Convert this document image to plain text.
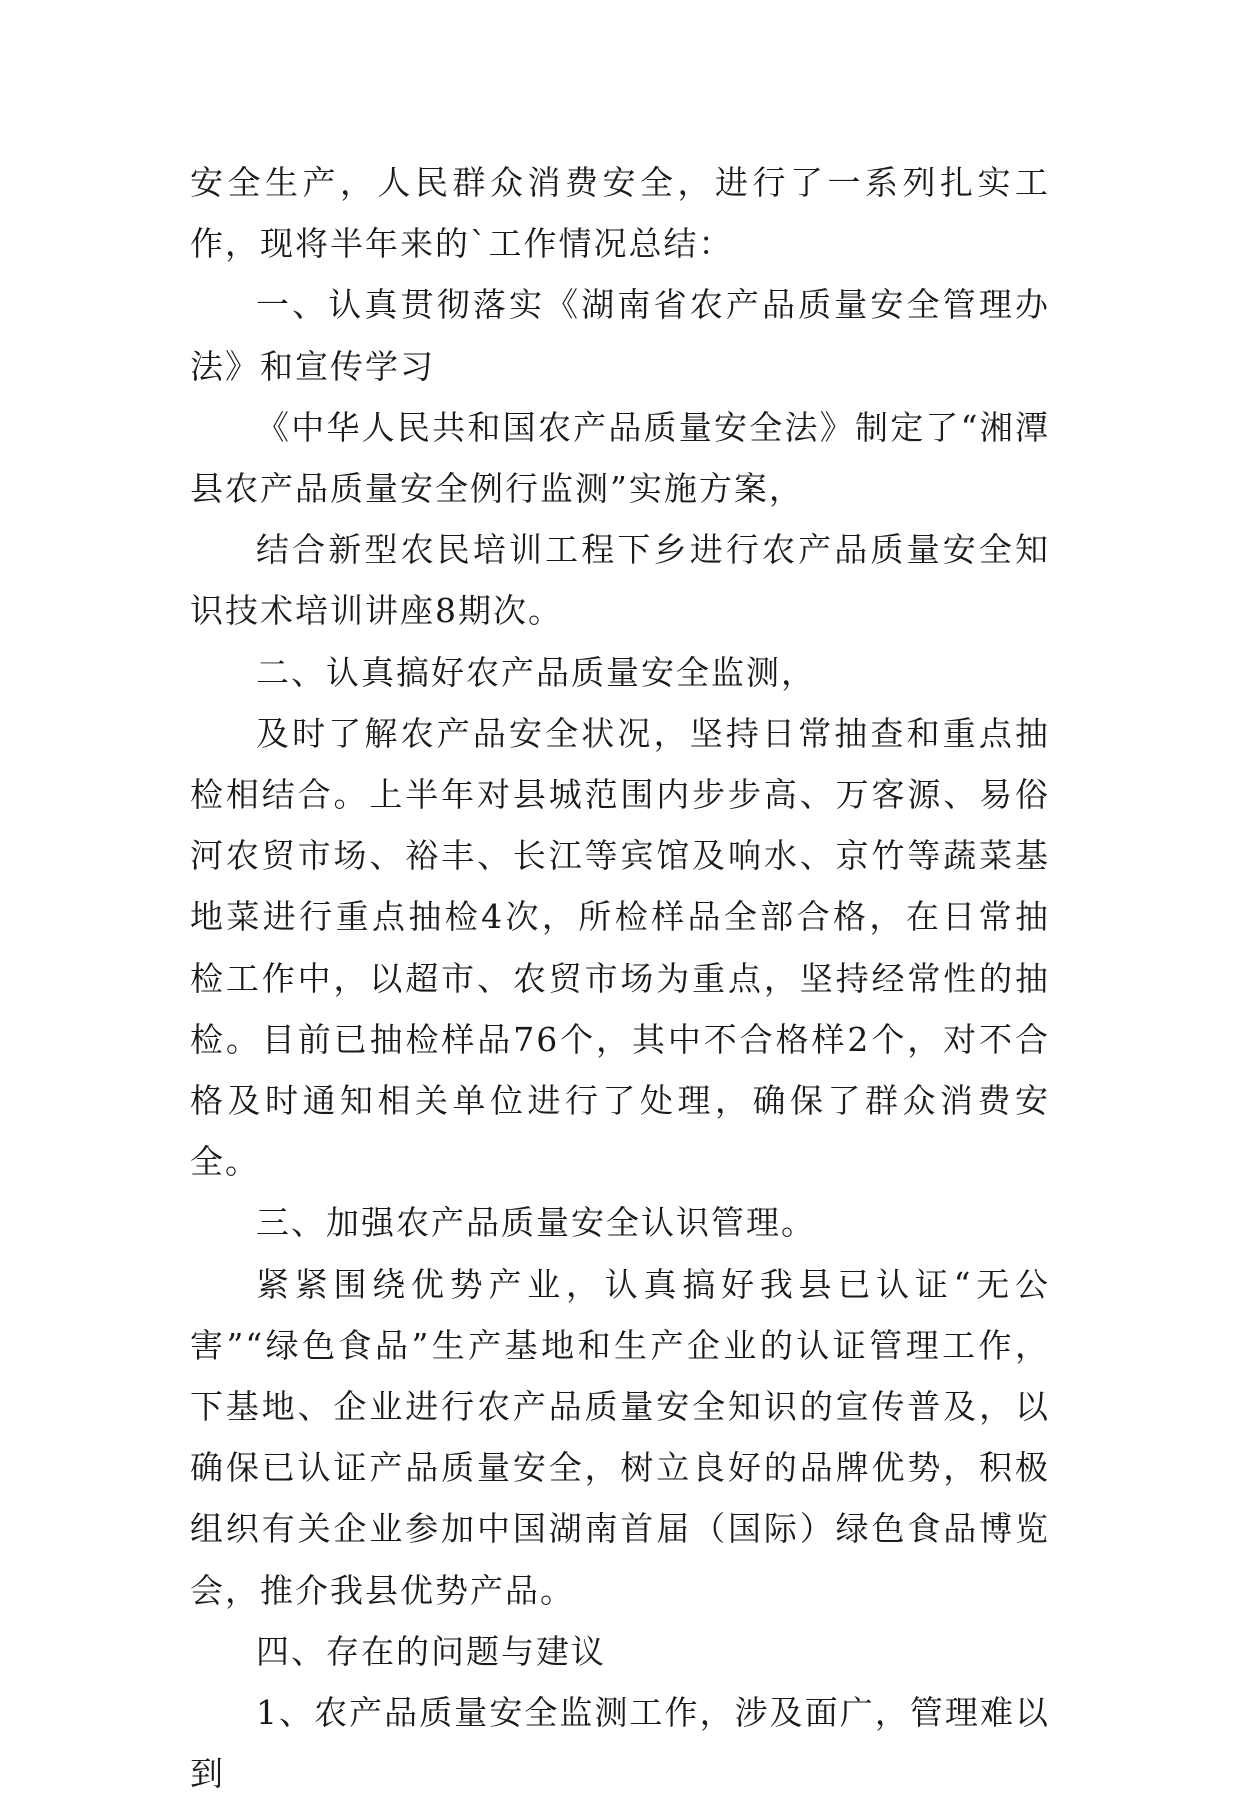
安全生产，人民群众消费安全，进行了一系列扎实工作，现将半年来的`工作情况总结：

一、认真贯彻落实《湖南省农产品质量安全管理办法》和宣传学习

《中华人民共和国农产品质量安全法》制定了“湘潭县农产品质量安全例行监测”实施方案，

结合新型农民培训工程下乡进行农产品质量安全知识技术培训讲座8期次。

二、认真搞好农产品质量安全监测，

及时了解农产品安全状况，坚持日常抽查和重点抽检相结合。上半年对县城范围内步步高、万客源、易俗河农贸市场、裕丰、长江等宾馆及响水、京竹等蔬菜基地菜进行重点抽检4次，所检样品全部合格，在日常抽检工作中，以超市、农贸市场为重点，坚持经常性的抽检。目前已抽检样品76个，其中不合格样2个，对不合格及时通知相关单位进行了处理，确保了群众消费安全。

三、加强农产品质量安全认识管理。

紧紧围绕优势产业，认真搞好我县已认证“无公害”“绿色食品”生产基地和生产企业的认证管理工作，下基地、企业进行农产品质量安全知识的宣传普及，以确保已认证产品质量安全，树立良好的品牌优势，积极组织有关企业参加中国湖南首届（国际）绿色食品博览会，推介我县优势产品。

四、存在的问题与建议

1、农产品质量安全监测工作，涉及面广，管理难以到
